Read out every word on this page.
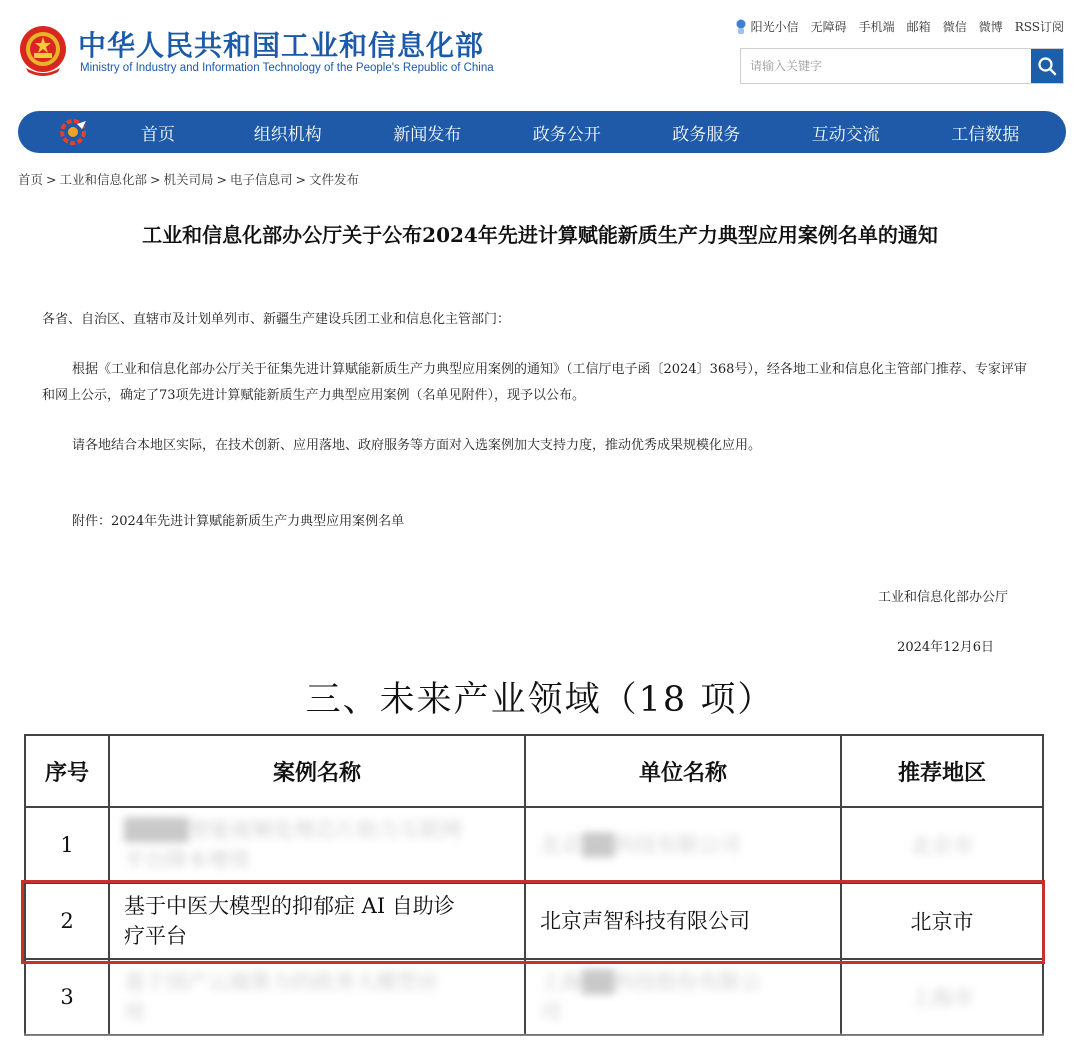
中华人民共和国工业和信息化部
Ministry of Industry and Information Technology of the People's Republic of China
阳光小信 无障碍 手机端 邮箱 微信 微博 RSS订阅
请输入关键字
首页	组织机构	新闻发布	政务公开	政务服务	互动交流	工信数据
首页 > 工业和信息化部 > 机关司局 > 电子信息司 > 文件发布
工业和信息化部办公厅关于公布2024年先进计算赋能新质生产力典型应用案例名单的通知
各省、自治区、直辖市及计划单列市、新疆生产建设兵团工业和信息化主管部门：
根据《工业和信息化部办公厅关于征集先进计算赋能新质生产力典型应用案例的通知》（工信厅电子函〔2024〕368号），经各地工业和信息化主管部门推荐、专家评审和网上公示，确定了73项先进计算赋能新质生产力典型应用案例（名单见附件），现予以公布。
请各地结合本地区实际，在技术创新、应用落地、政府服务等方面对入选案例加大支持力度，推动优秀成果规模化应用。
附件：2024年先进计算赋能新质生产力典型应用案例名单
工业和信息化部办公厅
2024年12月6日
三、未来产业领域（18 项）
序号	案例名称	单位名称	推荐地区
1	████智能视频处理芯片助力互联网
平台降本增效	北京██科技有限公司	北京市
2	基于中医大模型的抑郁症 AI 自助诊
疗平台	北京声智科技有限公司	北京市
3	基于国产云端算力的政务大模型应
用	上海██科技股份有限公
司	上海市
